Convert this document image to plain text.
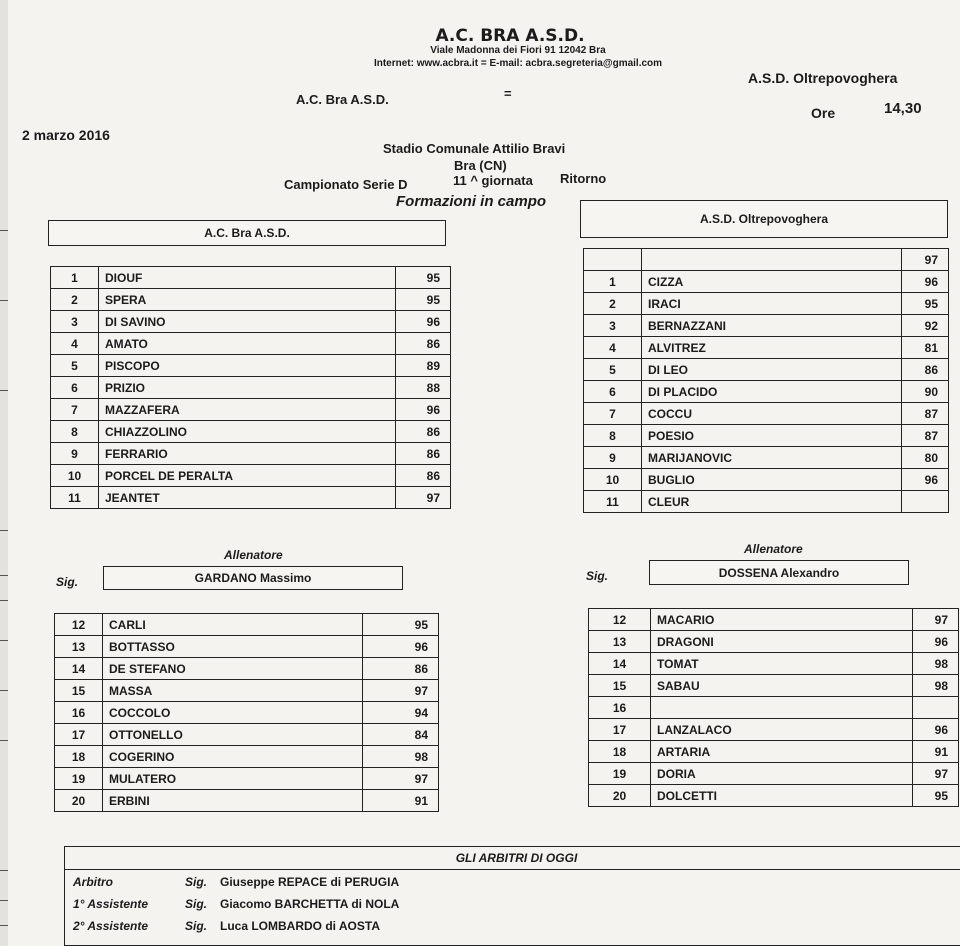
A.C. BRA A.S.D.
Viale Madonna dei Fiori 91 12042 Bra
Internet: www.acbra.it = E-mail: acbra.segreteria@gmail.com
A.C. Bra A.S.D.	=
A.S.D. Oltrepovoghera
Ore	14,30
2 marzo 2016
Stadio Comunale Attilio Bravi
Bra (CN)
Campionato Serie D	11 ^ giornata Ritorno
Formazioni in campo
A.C. Bra A.S.D.
A.S.D. Oltrepovoghera
1	DIOUF	95
2	SPERA	95
3	DI SAVINO	96
4	AMATO	86
5	PISCOPO	89
6	PRIZIO	88
7	MAZZAFERA	96
8	CHIAZZOLINO	86
9	FERRARIO	86
10	PORCEL DE PERALTA	86
11	JEANTET	97
		97
1	CIZZA	96
2	IRACI	95
3	BERNAZZANI	92
4	ALVITREZ	81
5	DI LEO	86
6	DI PLACIDO	90
7	COCCU	87
8	POESIO	87
9	MARIJANOVIC	80
10	BUGLIO	96
11	CLEUR	
Allenatore
Sig.	GARDANO Massimo
Allenatore
Sig.	DOSSENA Alexandro
12	CARLI	95
13	BOTTASSO	96
14	DE STEFANO	86
15	MASSA	97
16	COCCOLO	94
17	OTTONELLO	84
18	COGERINO	98
19	MULATERO	97
20	ERBINI	91
12	MACARIO	97
13	DRAGONI	96
14	TOMAT	98
15	SABAU	98
16		
17	LANZALACO	96
18	ARTARIA	91
19	DORIA	97
20	DOLCETTI	95
GLI ARBITRI DI OGGI
Arbitro	Sig. Giuseppe REPACE di PERUGIA
1° Assistente	Sig. Giacomo BARCHETTA di NOLA
2° Assistente	Sig. Luca LOMBARDO di AOSTA
